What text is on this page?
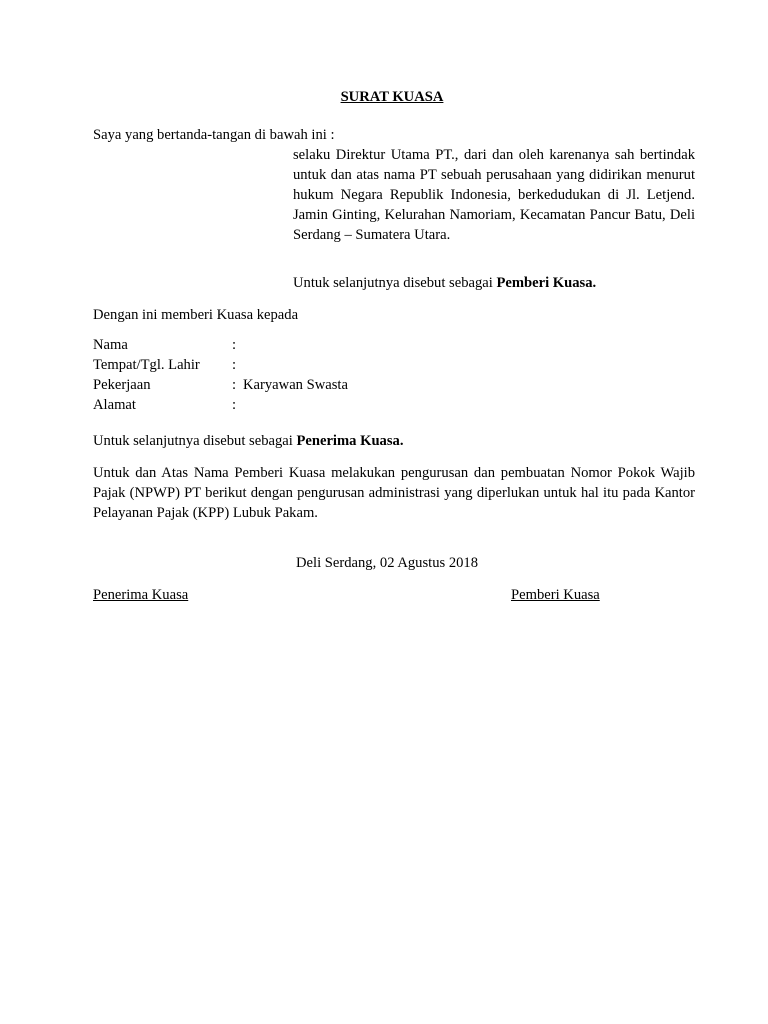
SURAT KUASA

Saya yang bertanda-tangan di bawah ini :

selaku Direktur Utama PT., dari dan oleh karenanya sah bertindak untuk dan atas nama PT sebuah perusahaan yang didirikan menurut hukum Negara Republik Indonesia, berkedudukan di Jl. Letjend. Jamin Ginting, Kelurahan Namoriam, Kecamatan Pancur Batu, Deli Serdang – Sumatera Utara.

Untuk selanjutnya disebut sebagai Pemberi Kuasa.

Dengan ini memberi Kuasa kepada

Nama	:
Tempat/Tgl. Lahir :
Pekerjaan	: Karyawan Swasta
Alamat	:

Untuk selanjutnya disebut sebagai Penerima Kuasa.

Untuk dan Atas Nama Pemberi Kuasa melakukan pengurusan dan pembuatan Nomor Pokok Wajib Pajak (NPWP) PT berikut dengan pengurusan administrasi yang diperlukan untuk hal itu pada Kantor Pelayanan Pajak (KPP) Lubuk Pakam.

Deli Serdang, 02 Agustus 2018

Penerima Kuasa	Pemberi Kuasa
